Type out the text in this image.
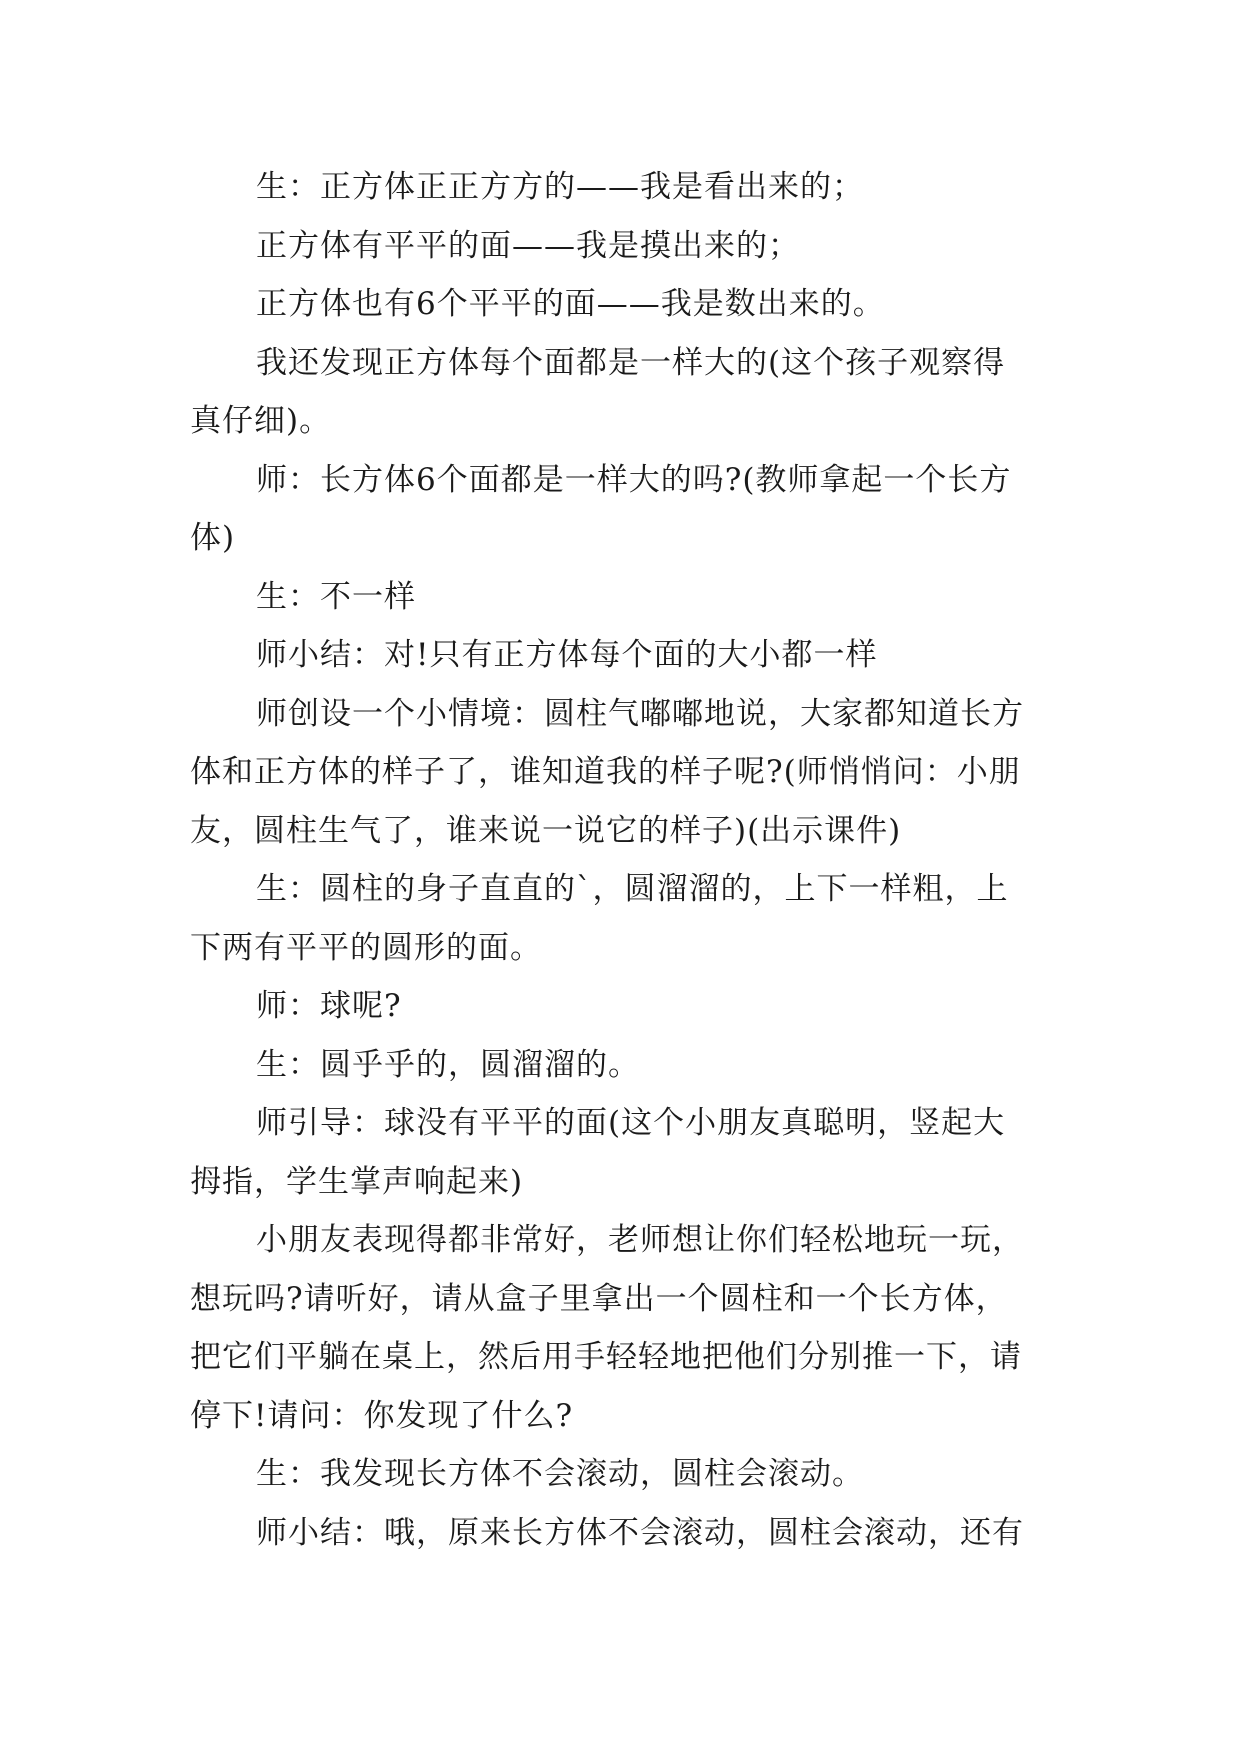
生：正方体正正方方的——我是看出来的；

正方体有平平的面——我是摸出来的；

正方体也有6个平平的面——我是数出来的。

我还发现正方体每个面都是一样大的(这个孩子观察得
真仔细)。

师：长方体6个面都是一样大的吗?(教师拿起一个长方
体)

生：不一样

师小结：对!只有正方体每个面的大小都一样

师创设一个小情境：圆柱气嘟嘟地说，大家都知道长方
体和正方体的样子了，谁知道我的样子呢?(师悄悄问：小朋
友，圆柱生气了，谁来说一说它的样子)(出示课件)

生：圆柱的身子直直的`，圆溜溜的，上下一样粗，上
下两有平平的圆形的面。

师：球呢?

生：圆乎乎的，圆溜溜的。

师引导：球没有平平的面(这个小朋友真聪明，竖起大
拇指，学生掌声响起来)

小朋友表现得都非常好，老师想让你们轻松地玩一玩，
想玩吗?请听好，请从盒子里拿出一个圆柱和一个长方体，
把它们平躺在桌上，然后用手轻轻地把他们分别推一下，请
停下!请问：你发现了什么?

生：我发现长方体不会滚动，圆柱会滚动。

师小结：哦，原来长方体不会滚动，圆柱会滚动，还有
